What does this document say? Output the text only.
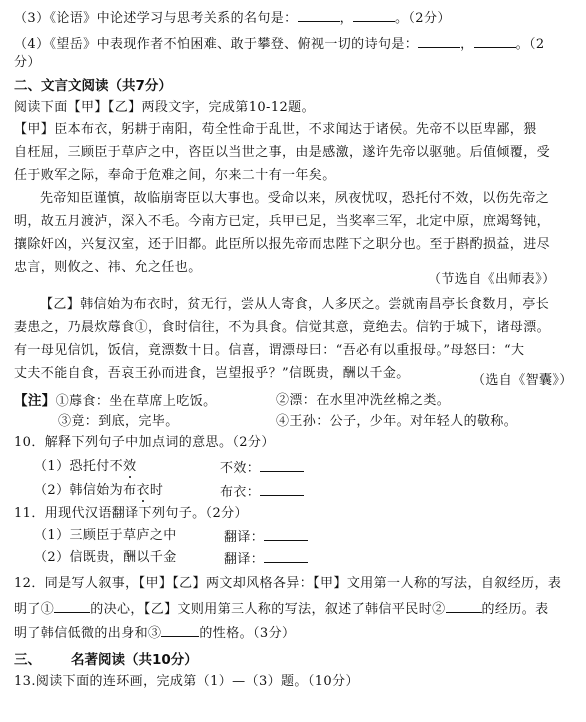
（3）《论语》中论述学习与思考关系的名句是：	，	。（2分）
（4）《望岳》中表现作者不怕困难、敢于攀登、俯视一切的诗句是：	，	。（2
分）
二、文言文阅读（共7分）
阅读下面【甲】【乙】两段文字，完成第10-12题。
【甲】臣本布衣，躬耕于南阳，苟全性命于乱世，不求闻达于诸侯。先帝不以臣卑鄙，猥
自枉屈，三顾臣于草庐之中，咨臣以当世之事，由是感激，遂许先帝以驱驰。后值倾覆，受
任于败军之际，奉命于危难之间，尔来二十有一年矣。
先帝知臣谨慎，故临崩寄臣以大事也。受命以来，夙夜忧叹，恐托付不效，以伤先帝之
明，故五月渡泸，深入不毛。今南方已定，兵甲已足，当奖率三军，北定中原，庶竭驽钝，
攘除奸凶，兴复汉室，还于旧都。此臣所以报先帝而忠陛下之职分也。至于斟酌损益，进尽
忠言，则攸之、祎、允之任也。
（节选自《出师表》）
【乙】韩信始为布衣时，贫无行，尝从人寄食，人多厌之。尝就南昌亭长食数月，亭长
妻患之，乃晨炊蓐食①，食时信往，不为具食。信觉其意，竟绝去。信钓于城下，诸母漂。
有一母见信饥，饭信，竟漂数十日。信喜，谓漂母曰：“吾必有以重报母。”母怒曰：“大
丈夫不能自食，吾哀王孙而进食，岂望报乎？”信既贵，酬以千金。	（选自《智囊》）
【注】①蓐食：坐在草席上吃饭。	②漂：在水里冲洗丝棉之类。
③竟：到底，完毕。	④王孙：公子，少年。对年轻人的敬称。
10．解释下列句子中加点词的意思。（2分）
（1）恐托付不效	不效：
（2）韩信始为布衣时	布衣：
11．用现代汉语翻译下列句子。（2分）
（1）三顾臣于草庐之中	翻译：
（2）信既贵，酬以千金	翻译：
12．同是写人叙事，【甲】【乙】两文却风格各异：【甲】文用第一人称的写法，自叙经历，表
明了①	的决心，【乙】文则用第三人称的写法，叙述了韩信平民时②	的经历。表
明了韩信低微的出身和③	的性格。（3分）
三、 名著阅读（共10分）
13.阅读下面的连环画，完成第（1）—（3）题。（10分）
